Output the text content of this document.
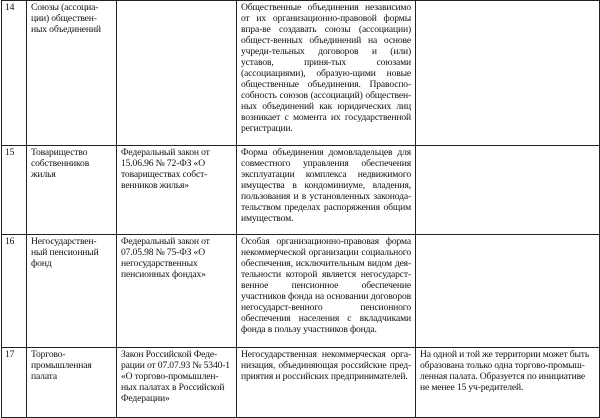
14	Союзы (ассоциа-ции) обществен-ных объединений		Общественные объединения независимо от их организационно-правовой формы впра-ве создавать союзы (ассоциации) общест-венных объединений на основе учреди-тельных договоров и (или) уставов, приня-тых союзами (ассоциациями), образую-щими новые общественные объединения. Правоспо-собность союзов (ассоциаций) обществен-ных объединений как юридических лиц возникает с момента их государственной регистрации.	
15	Товарищество собственников жилья	Федеральный закон от 15.06.96 № 72-ФЗ «О товариществах собст-венников жилья»	Форма объединения домовладельцев для совместного управления обеспечения эксплуатации комплекса недвижимого имущества в кондоминиуме, владения, пользования и в установленных законода-тельством пределах распоряжения общим имуществом.	
16	Негосударствен-ный пенсионный фонд	Федеральный закон от 07.05.98 № 75-ФЗ «О негосударственных пенсионных фондах»	Особая организационно-правовая форма некоммерческой организации социального обеспечения, исключительным видом дея-тельности которой является негосударст-венное пенсионное обеспечение участников фонда на основании договоров негосударст-венного пенсионного обеспечения населения с вкладчиками фонда в пользу участников фонда.	
17	Торгово-промышленная палата	Закон Российской Феде-рации от 07.07.93 № 5340-1 «О торгово-промышлен-ных палатах в Российской Федерации»	Негосударственная некоммерческая орга-низация, объединяющая российские пред-приятия и российских предпринимателей.	На одной и той же территории может быть образована только одна торгово-промыш-ленная палата. Образуется по инициативе не менее 15 уч-редителей.
